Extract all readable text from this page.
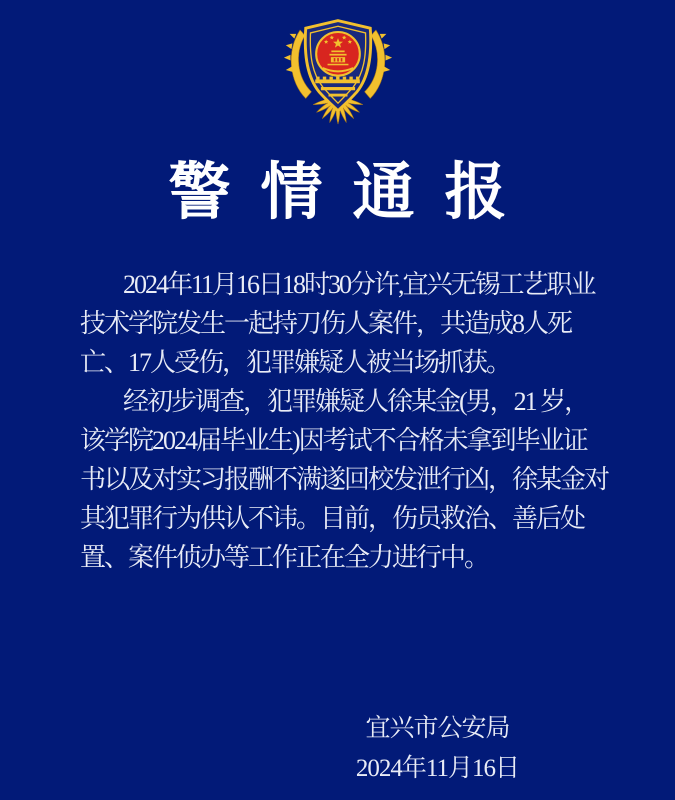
警情通报
2024年11月16日18时30分许,宜兴无锡工艺职业
技术学院发生一起持刀伤人案件，共造成8人死
亡、17人受伤，犯罪嫌疑人被当场抓获。
经初步调查，犯罪嫌疑人徐某金(男，21 岁，
该学院2024届毕业生)因考试不合格未拿到毕业证
书以及对实习报酬不满遂回校发泄行凶，徐某金对
其犯罪行为供认不讳。目前，伤员救治、善后处
置、案件侦办等工作正在全力进行中。
宜兴市公安局
2024年11月16日
